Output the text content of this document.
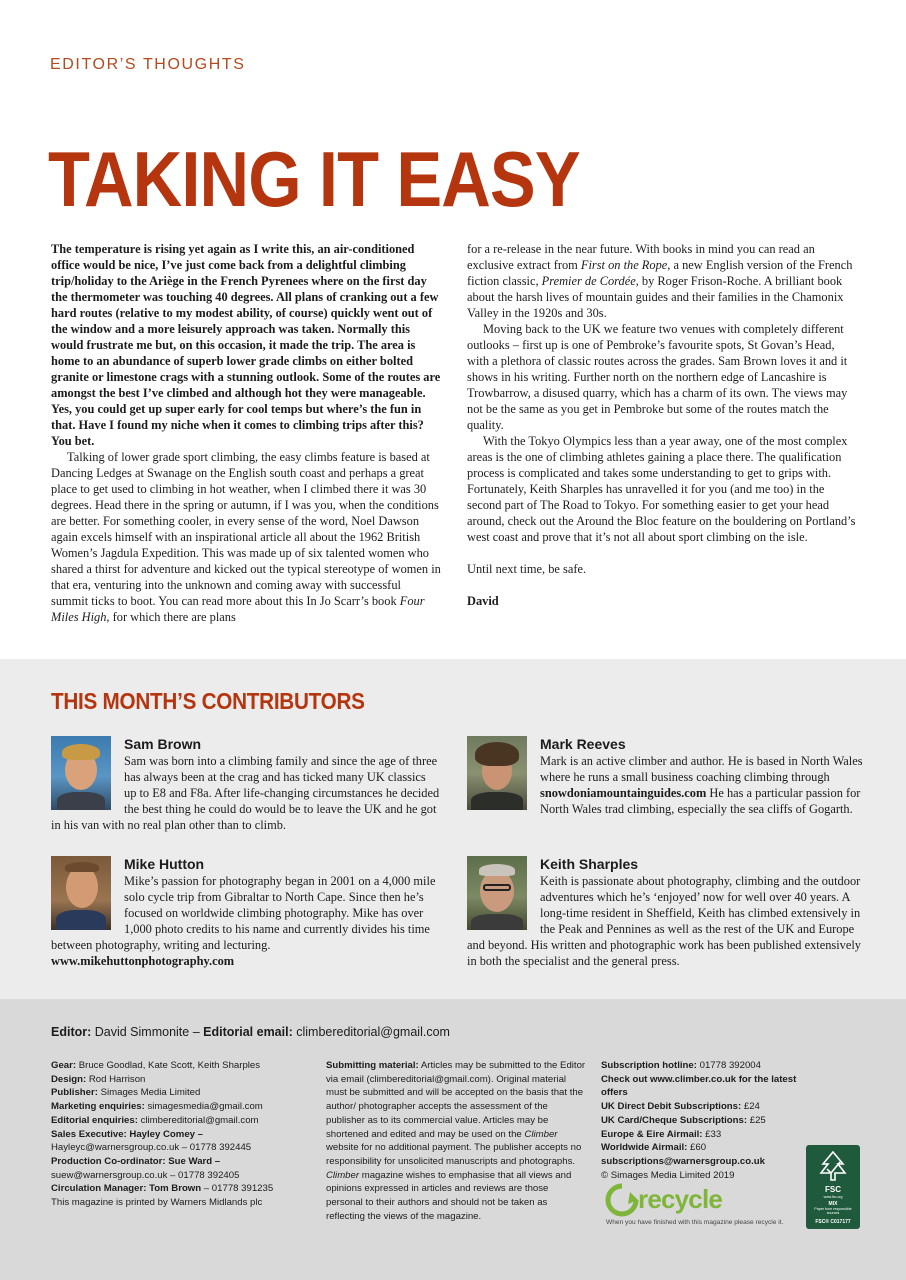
EDITOR’S THOUGHTS
TAKING IT EASY

The temperature is rising yet again as I write this, an air-conditioned office would be nice, I’ve just come back from a delightful climbing trip/holiday to the Ariège in the French Pyrenees where on the first day the thermometer was touching 40 degrees. All plans of cranking out a few hard routes (relative to my modest ability, of course) quickly went out of the window and a more leisurely approach was taken. Normally this would frustrate me but, on this occasion, it made the trip. The area is home to an abundance of superb lower grade climbs on either bolted granite or limestone crags with a stunning outlook. Some of the routes are amongst the best I’ve climbed and although hot they were manageable. Yes, you could get up super early for cool temps but where’s the fun in that. Have I found my niche when it comes to climbing trips after this? You bet.

Talking of lower grade sport climbing, the easy climbs feature is based at Dancing Ledges at Swanage on the English south coast and perhaps a great place to get used to climbing in hot weather, when I climbed there it was 30 degrees. Head there in the spring or autumn, if I was you, when the conditions are better. For something cooler, in every sense of the word, Noel Dawson again excels himself with an inspirational article all about the 1962 British Women’s Jagdula Expedition. This was made up of six talented women who shared a thirst for adventure and kicked out the typical stereotype of women in that era, venturing into the unknown and coming away with successful summit ticks to boot. You can read more about this In Jo Scarr’s book Four Miles High, for which there are plans

for a re-release in the near future. With books in mind you can read an exclusive extract from First on the Rope, a new English version of the French fiction classic, Premier de Cordée, by Roger Frison-Roche. A brilliant book about the harsh lives of mountain guides and their families in the Chamonix Valley in the 1920s and 30s.

Moving back to the UK we feature two venues with completely different outlooks – first up is one of Pembroke’s favourite spots, St Govan’s Head, with a plethora of classic routes across the grades. Sam Brown loves it and it shows in his writing. Further north on the northern edge of Lancashire is Trowbarrow, a disused quarry, which has a charm of its own. The views may not be the same as you get in Pembroke but some of the routes match the quality.

With the Tokyo Olympics less than a year away, one of the most complex areas is the one of climbing athletes gaining a place there. The qualification process is complicated and takes some understanding to get to grips with. Fortunately, Keith Sharples has unravelled it for you (and me too) in the second part of The Road to Tokyo. For something easier to get your head around, check out the Around the Bloc feature on the bouldering on Portland’s west coast and prove that it’s not all about sport climbing on the isle.

Until next time, be safe.

David

THIS MONTH’S CONTRIBUTORS
Sam Brown
Sam was born into a climbing family and since the age of three has always been at the crag and has ticked many UK classics up to E8 and F8a. After life-changing circumstances he decided the best thing he could do would be to leave the UK and he got in his van with no real plan other than to climb.
Mark Reeves
Mark is an active climber and author. He is based in North Wales where he runs a small business coaching climbing through snowdoniamountainguides.com He has a particular passion for North Wales trad climbing, especially the sea cliffs of Gogarth.
Mike Hutton
Mike’s passion for photography began in 2001 on a 4,000 mile solo cycle trip from Gibraltar to North Cape. Since then he’s focused on worldwide climbing photography. Mike has over 1,000 photo credits to his name and currently divides his time between photography, writing and lecturing.
www.mikehuttonphotography.com
Keith Sharples
Keith is passionate about photography, climbing and the outdoor adventures which he’s ‘enjoyed’ now for well over 40 years. A long-time resident in Sheffield, Keith has climbed extensively in the Peak and Pennines as well as the rest of the UK and Europe and beyond. His written and photographic work has been published extensively in both the specialist and the general press.
Editor: David Simmonite – Editorial email: climbereditorial@gmail.com
Gear: Bruce Goodlad, Kate Scott, Keith Sharples
Design: Rod Harrison
Publisher: Simages Media Limited
Marketing enquiries: simagesmedia@gmail.com
Editorial enquiries: climbereditorial@gmail.com
Sales Executive: Hayley Comey –
Hayleyc@warnersgroup.co.uk – 01778 392445
Production Co-ordinator: Sue Ward –
suew@warnersgroup.co.uk – 01778 392405
Circulation Manager: Tom Brown – 01778 391235
This magazine is printed by Warners Midlands plc
Submitting material: Articles may be submitted to the Editor via email (climbereditorial@gmail.com). Original material must be submitted and will be accepted on the basis that the author/ photographer accepts the assessment of the publisher as to its commercial value. Articles may be shortened and edited and may be used on the Climber website for no additional payment. The publisher accepts no responsibility for unsolicited manuscripts and photographs. Climber magazine wishes to emphasise that all views and opinions expressed in articles and reviews are those personal to their authors and should not be taken as reflecting the views of the magazine.
Subscription hotline: 01778 392004
Check out www.climber.co.uk for the latest offers
UK Direct Debit Subscriptions: £24
UK Card/Cheque Subscriptions: £25
Europe & Eire Airmail: £33
Worldwide Airmail: £60
subscriptions@warnersgroup.co.uk
© Simages Media Limited 2019
recycle
When you have finished with this magazine please recycle it.
FSC
www.fsc.org
MIX
Paper from responsible sources
FSC® C017177
